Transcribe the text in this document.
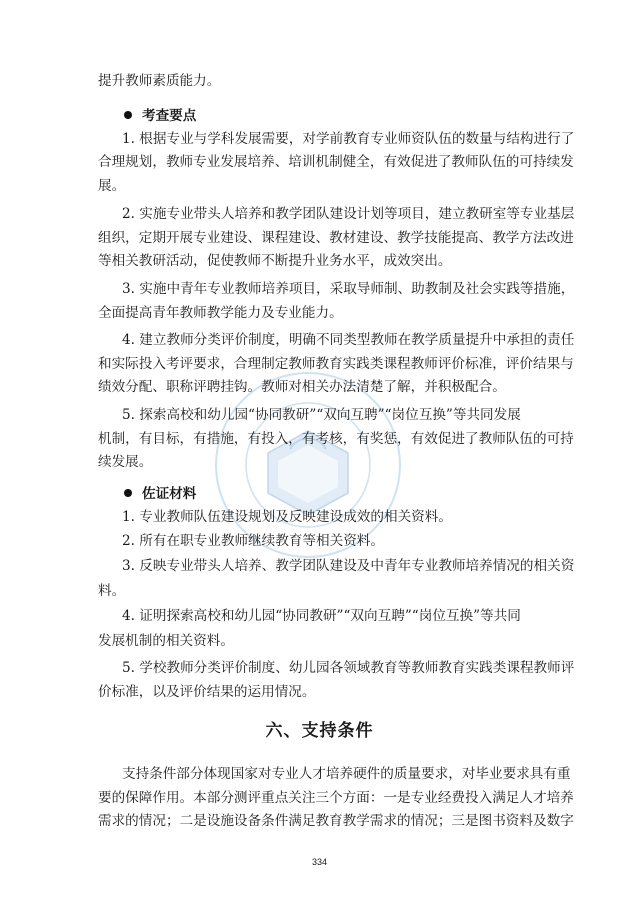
提升教师素质能力。
考查要点
1. 根据专业与学科发展需要，对学前教育专业师资队伍的数量与结构进行了
合理规划，教师专业发展培养、培训机制健全，有效促进了教师队伍的可持续发
展。
2. 实施专业带头人培养和教学团队建设计划等项目，建立教研室等专业基层
组织，定期开展专业建设、课程建设、教材建设、教学技能提高、教学方法改进
等相关教研活动，促使教师不断提升业务水平，成效突出。
3. 实施中青年专业教师培养项目，采取导师制、助教制及社会实践等措施，
全面提高青年教师教学能力及专业能力。
4. 建立教师分类评价制度，明确不同类型教师在教学质量提升中承担的责任
和实际投入考评要求，合理制定教师教育实践类课程教师评价标准，评价结果与
绩效分配、职称评聘挂钩。教师对相关办法清楚了解，并积极配合。
5. 探索高校和幼儿园“协同教研”“双向互聘”“岗位互换”等共同发展
机制，有目标，有措施，有投入，有考核，有奖惩，有效促进了教师队伍的可持
续发展。
佐证材料
1. 专业教师队伍建设规划及反映建设成效的相关资料。
2. 所有在职专业教师继续教育等相关资料。
3. 反映专业带头人培养、教学团队建设及中青年专业教师培养情况的相关资
料。
4. 证明探索高校和幼儿园“协同教研”“双向互聘”“岗位互换”等共同
发展机制的相关资料。
5. 学校教师分类评价制度、幼儿园各领域教育等教师教育实践类课程教师评
价标准，以及评价结果的运用情况。
六、支持条件
支持条件部分体现国家对专业人才培养硬件的质量要求，对毕业要求具有重
要的保障作用。本部分测评重点关注三个方面：一是专业经费投入满足人才培养
需求的情况；二是设施设备条件满足教育教学需求的情况；三是图书资料及数字
334
